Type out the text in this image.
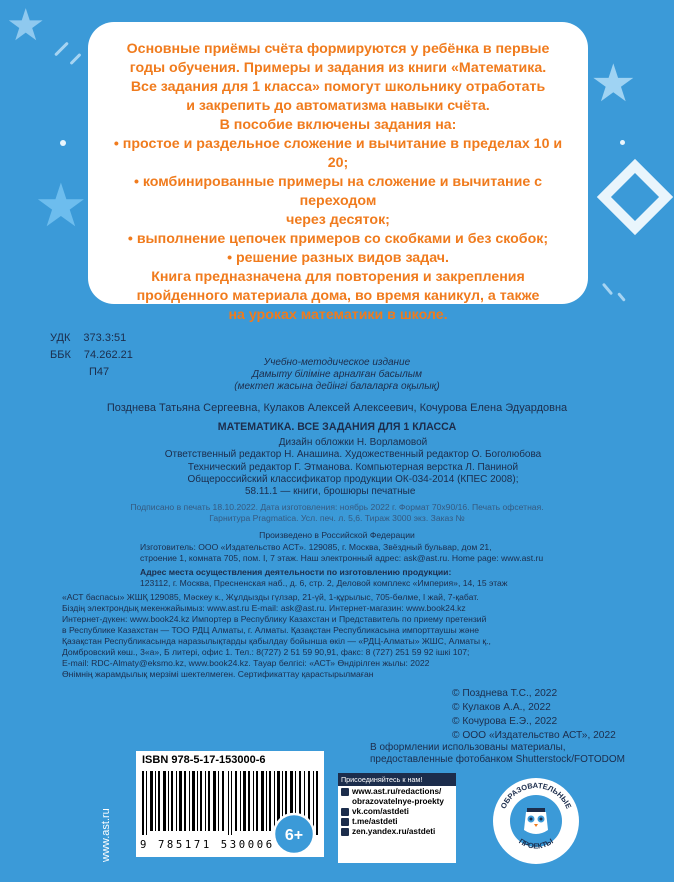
★
★
★

Основные приёмы счёта формируются у ребёнка в первые

годы обучения. Примеры и задания из книги «Математика.

Все задания для 1 класса» помогут школьнику отработать

и закрепить до автоматизма навыки счёта.

В пособие включены задания на:

• простое и раздельное сложение и вычитание в пределах 10 и 20;

• комбинированные примеры на сложение и вычитание с переходом

через десяток;

• выполнение цепочек примеров со скобками и без скобок;

• решение разных видов задач.

Книга предназначена для повторения и закрепления

пройденного материала дома, во время каникул, а также

на уроках математики в школе.

УДК 373.3:51
ББК 74.262.21
П47
Учебно-методическое издание
Дамыту біліміне арналған басылым
(мектеп жасына дейінгі балаларға оқылық)
Позднева Татьяна Сергеевна, Кулаков Алексей Алексеевич, Кочурова Елена Эдуардовна
МАТЕМАТИКА. ВСЕ ЗАДАНИЯ ДЛЯ 1 КЛАССА
Дизайн обложки Н. Ворламовой
Ответственный редактор Н. Анашина. Художественный редактор О. Боголюбова
Технический редактор Г. Этманова. Компьютерная верстка Л. Паниной
Общероссийский классификатор продукции ОК-034-2014 (КПЕС 2008);
58.11.1 — книги, брошюры печатные
Подписано в печать 18.10.2022. Дата изготовления: ноябрь 2022 г. Формат 70x90/16. Печать офсетная.
Гарнитура Pragmatica. Усл. печ. л. 5,6. Тираж 3000 экз. Заказ №
Произведено в Российской Федерации
Изготовитель: ООО «Издательство АСТ». 129085, г. Москва, Звёздный бульвар, дом 21,
строение 1, комната 705, пом. I, 7 этаж. Наш электронный адрес: ask@ast.ru. Home page: www.ast.ru
Адрес места осуществления деятельности по изготовлению продукции:
123112, г. Москва, Пресненская наб., д. 6, стр. 2, Деловой комплекс «Империя», 14, 15 этаж
«АСТ баспасы» ЖШҚ 129085, Мәскеу к., Жұлдызды гүлзар, 21-үй, 1-құрылыс, 705-бөлме, I жай, 7-қабат.
Біздің электрондық мекенжайымыз: www.ast.ru E-mail: ask@ast.ru. Интернет-магазин: www.book24.kz
Интернет-дүкен: www.book24.kz Импортер в Республику Казахстан и Представитель по приему претензий
в Республике Казахстан — ТОО РДЦ Алматы, г. Алматы. Қазақстан Республикасына импорттаушы және
Қазақстан Республикасында наразылықтарды қабылдау бойынша өкіл — «РДЦ-Алматы» ЖШС, Алматы қ.,
Домбровский көш., 3«а», Б литері, офис 1. Тел.: 8(727) 2 51 59 90,91, факс: 8 (727) 251 59 92 ішкі 107;
E-mail: RDC-Almaty@eksmo.kz, www.book24.kz. Тауар белгісі: «АСТ» Өндірілген жылы: 2022
Өнімнің жарамдылық мерзімі шектелмеген. Сертификаттау қарастырылмаған
© Позднева Т.С., 2022
© Кулаков А.А., 2022
© Кочурова Е.Э., 2022
© ООО «Издательство АСТ», 2022
В оформлении использованы материалы,
предоставленные фотобанком Shutterstock/FOTODOM
ISBN 978-5-17-153000-6
9 785171 530006
6+
Присоединяйтесь к нам!
www.ast.ru/redactions/
obrazovatelnye-proekty
vk.com/astdeti
t.me/astdeti
zen.yandex.ru/astdeti
ОБРАЗОВАТЕЛЬНЫЕ
ПРОЕКТЫ
www.ast.ru
